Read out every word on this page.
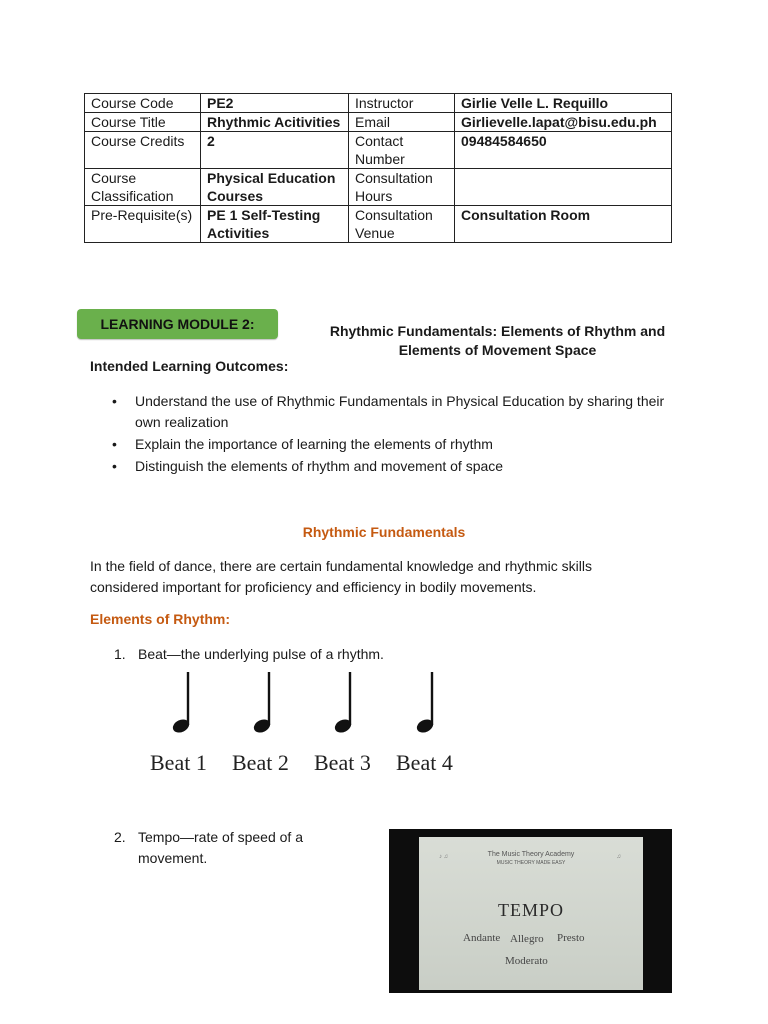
Course Code	PE2	Instructor	Girlie Velle L. Requillo
Course Title	Rhythmic Acitivities	Email	Girlievelle.lapat@bisu.edu.ph
Course Credits	2	Contact Number	09484584650
Course Classification	Physical Education Courses	Consultation Hours	
Pre-Requisite(s)	PE 1 Self-Testing Activities	Consultation Venue	Consultation Room
LEARNING MODULE 2:	Rhythmic Fundamentals: Elements of Rhythm and Elements of Movement Space
Intended Learning Outcomes:
• Understand the use of Rhythmic Fundamentals in Physical Education by sharing their own realization
• Explain the importance of learning the elements of rhythm
• Distinguish the elements of rhythm and movement of space
Rhythmic Fundamentals
In the field of dance, there are certain fundamental knowledge and rhythmic skills considered important for proficiency and efficiency in bodily movements.
Elements of Rhythm:
1. Beat—the underlying pulse of a rhythm.
Beat 1 Beat 2 Beat 3 Beat 4
2. Tempo—rate of speed of a movement.	♪ ♫	♫
The Music Theory Academy
MUSIC THEORY MADE EASY
TEMPO
Andante Allegro Presto
Moderato
